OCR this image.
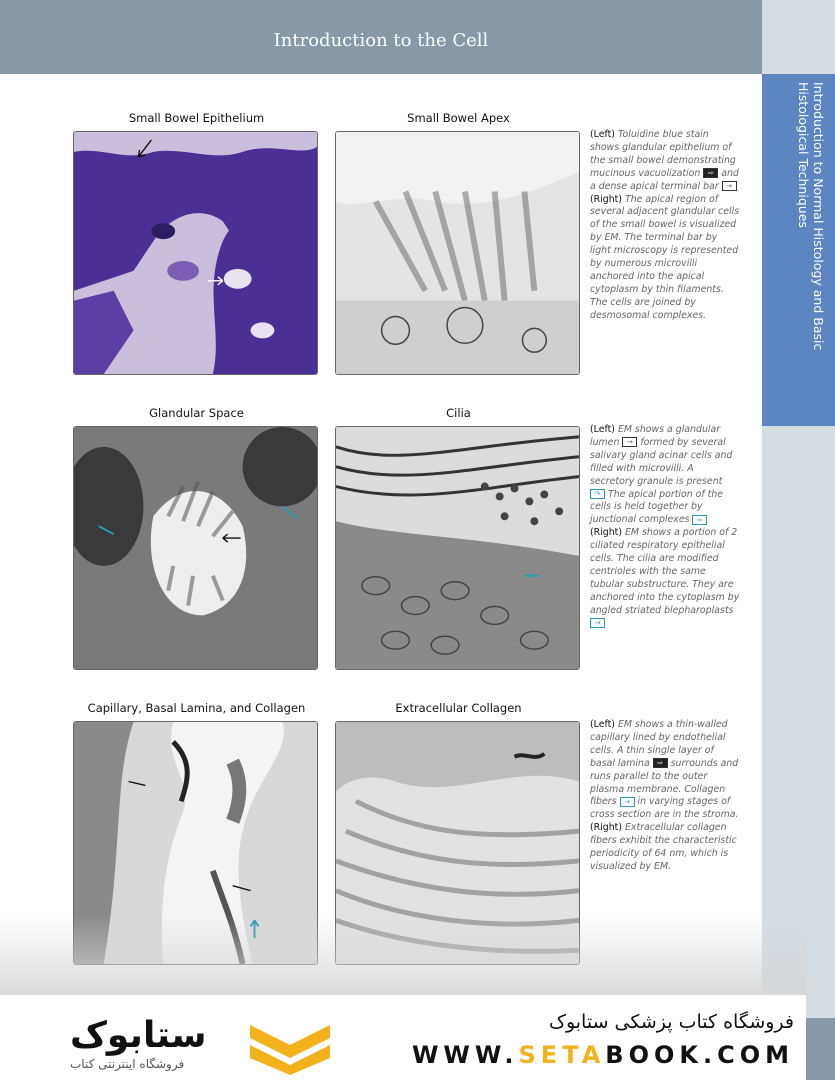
Introduction to the Cell
Introduction to Normal Histology and Basic Histological Techniques
Small Bowel Epithelium	Small Bowel Apex
(Left) Toluidine blue stain shows glandular epithelium of the small bowel demonstrating mucinous vacuolization ⇨ and a dense apical terminal bar → (Right) The apical region of several adjacent glandular cells of the small bowel is visualized by EM. The terminal bar by light microscopy is represented by numerous microvilli anchored into the apical cytoplasm by thin filaments. The cells are joined by desmosomal complexes.
Glandular Space	Cilia
(Left) EM shows a glandular lumen → formed by several salivary gland acinar cells and filled with microvilli. A secretory granule is present ↷ The apical portion of the cells is held together by junctional complexes ⇨ (Right) EM shows a portion of 2 ciliated respiratory epithelial cells. The cilia are modified centrioles with the same tubular substructure. They are anchored into the cytoplasm by angled striated blepharoplasts →
Capillary, Basal Lamina, and Collagen	Extracellular Collagen
(Left) EM shows a thin-walled capillary lined by endothelial cells. A thin single layer of basal lamina ⇨ surrounds and runs parallel to the outer plasma membrane. Collagen fibers → in varying stages of cross section are in the stroma. (Right) Extracellular collagen fibers exhibit the characteristic periodicity of 64 nm, which is visualized by EM.
ستابوک
فروشگاه اینترنتی کتاب
فروشگاه کتاب پزشکی ستابوک
WWW.SETABOOK.COM
